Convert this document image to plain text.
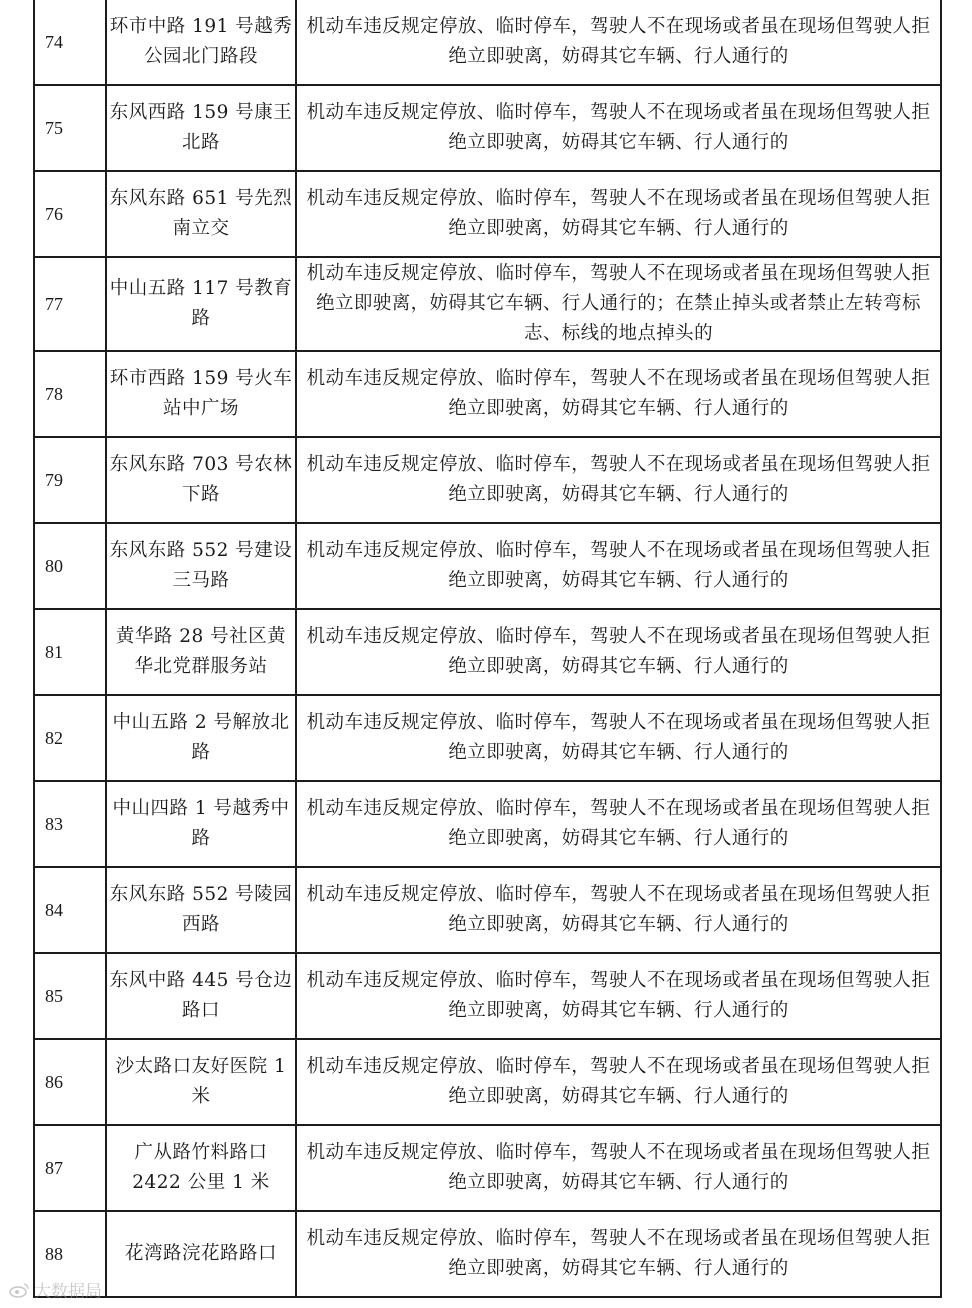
74	环市中路 191 号越秀公园北门路段	机动车违反规定停放、临时停车，驾驶人不在现场或者虽在现场但驾驶人拒绝立即驶离，妨碍其它车辆、行人通行的
75	东风西路 159 号康王北路	机动车违反规定停放、临时停车，驾驶人不在现场或者虽在现场但驾驶人拒绝立即驶离，妨碍其它车辆、行人通行的
76	东风东路 651 号先烈南立交	机动车违反规定停放、临时停车，驾驶人不在现场或者虽在现场但驾驶人拒绝立即驶离，妨碍其它车辆、行人通行的
77	中山五路 117 号教育路	机动车违反规定停放、临时停车，驾驶人不在现场或者虽在现场但驾驶人拒绝立即驶离，妨碍其它车辆、行人通行的；在禁止掉头或者禁止左转弯标志、标线的地点掉头的
78	环市西路 159 号火车站中广场	机动车违反规定停放、临时停车，驾驶人不在现场或者虽在现场但驾驶人拒绝立即驶离，妨碍其它车辆、行人通行的
79	东风东路 703 号农林下路	机动车违反规定停放、临时停车，驾驶人不在现场或者虽在现场但驾驶人拒绝立即驶离，妨碍其它车辆、行人通行的
80	东风东路 552 号建设三马路	机动车违反规定停放、临时停车，驾驶人不在现场或者虽在现场但驾驶人拒绝立即驶离，妨碍其它车辆、行人通行的
81	黄华路 28 号社区黄华北党群服务站	机动车违反规定停放、临时停车，驾驶人不在现场或者虽在现场但驾驶人拒绝立即驶离，妨碍其它车辆、行人通行的
82	中山五路 2 号解放北路	机动车违反规定停放、临时停车，驾驶人不在现场或者虽在现场但驾驶人拒绝立即驶离，妨碍其它车辆、行人通行的
83	中山四路 1 号越秀中路	机动车违反规定停放、临时停车，驾驶人不在现场或者虽在现场但驾驶人拒绝立即驶离，妨碍其它车辆、行人通行的
84	东风东路 552 号陵园西路	机动车违反规定停放、临时停车，驾驶人不在现场或者虽在现场但驾驶人拒绝立即驶离，妨碍其它车辆、行人通行的
85	东风中路 445 号仓边路口	机动车违反规定停放、临时停车，驾驶人不在现场或者虽在现场但驾驶人拒绝立即驶离，妨碍其它车辆、行人通行的
86	沙太路口友好医院 1 米	机动车违反规定停放、临时停车，驾驶人不在现场或者虽在现场但驾驶人拒绝立即驶离，妨碍其它车辆、行人通行的
87	广从路竹料路口 2422 公里 1 米	机动车违反规定停放、临时停车，驾驶人不在现场或者虽在现场但驾驶人拒绝立即驶离，妨碍其它车辆、行人通行的
88	花湾路浣花路路口	机动车违反规定停放、临时停车，驾驶人不在现场或者虽在现场但驾驶人拒绝立即驶离，妨碍其它车辆、行人通行的
大数据局
